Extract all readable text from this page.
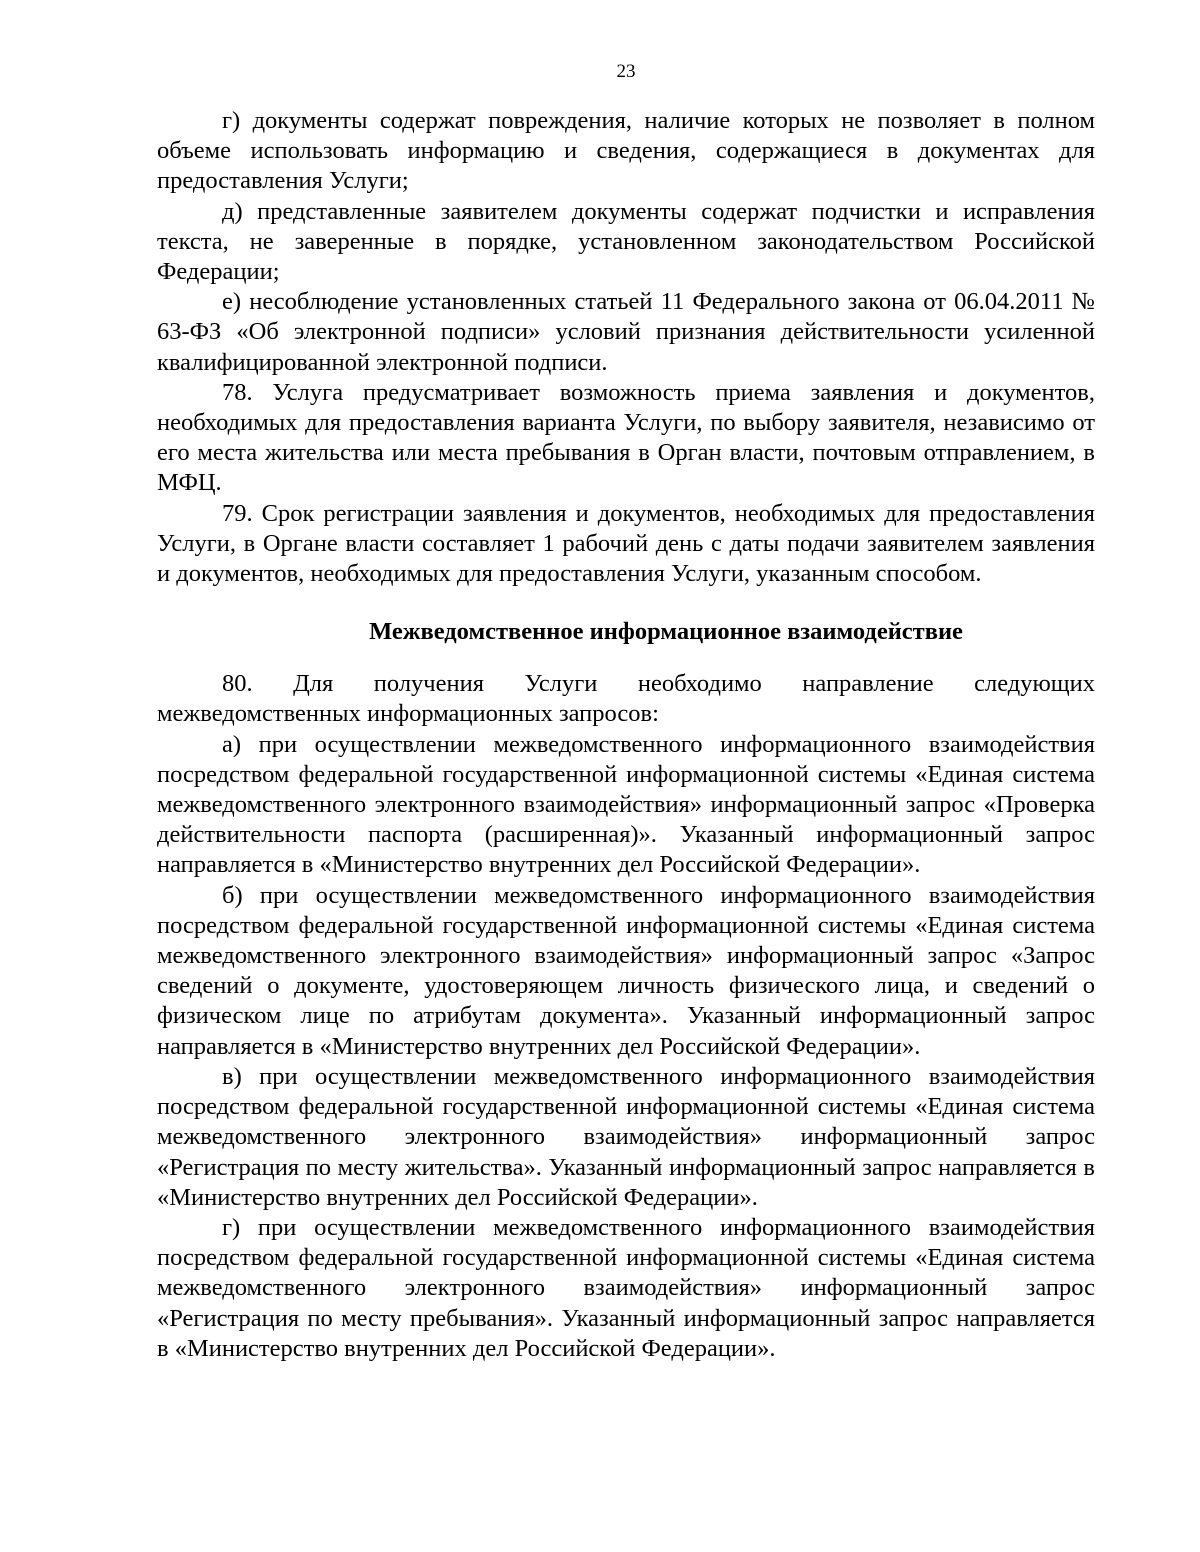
23

г) документы содержат повреждения, наличие которых не позволяет в полном объеме использовать информацию и сведения, содержащиеся в документах для предоставления Услуги;

д) представленные заявителем документы содержат подчистки и исправления текста, не заверенные в порядке, установленном законодательством Российской Федерации;

е) несоблюдение установленных статьей 11 Федерального закона от 06.04.2011 № 63-ФЗ «Об электронной подписи» условий признания действительности усиленной квалифицированной электронной подписи.

78. Услуга предусматривает возможность приема заявления и документов, необходимых для предоставления варианта Услуги, по выбору заявителя, независимо от его места жительства или места пребывания в Орган власти, почтовым отправлением, в МФЦ.

79. Срок регистрации заявления и документов, необходимых для предоставления Услуги, в Органе власти составляет 1 рабочий день с даты подачи заявителем заявления и документов, необходимых для предоставления Услуги, указанным способом.

Межведомственное информационное взаимодействие

80. Для получения Услуги необходимо направление следующих межведомственных информационных запросов:

а) при осуществлении межведомственного информационного взаимодействия посредством федеральной государственной информационной системы «Единая система межведомственного электронного взаимодействия» информационный запрос «Проверка действительности паспорта (расширенная)». Указанный информационный запрос направляется в «Министерство внутренних дел Российской Федерации».

б) при осуществлении межведомственного информационного взаимодействия посредством федеральной государственной информационной системы «Единая система межведомственного электронного взаимодействия» информационный запрос «Запрос сведений о документе, удостоверяющем личность физического лица, и сведений о физическом лице по атрибутам документа». Указанный информационный запрос направляется в «Министерство внутренних дел Российской Федерации».

в) при осуществлении межведомственного информационного взаимодействия посредством федеральной государственной информационной системы «Единая система межведомственного электронного взаимодействия» информационный запрос «Регистрация по месту жительства». Указанный информационный запрос направляется в «Министерство внутренних дел Российской Федерации».

г) при осуществлении межведомственного информационного взаимодействия посредством федеральной государственной информационной системы «Единая система межведомственного электронного взаимодействия» информационный запрос «Регистрация по месту пребывания». Указанный информационный запрос направляется в «Министерство внутренних дел Российской Федерации».
